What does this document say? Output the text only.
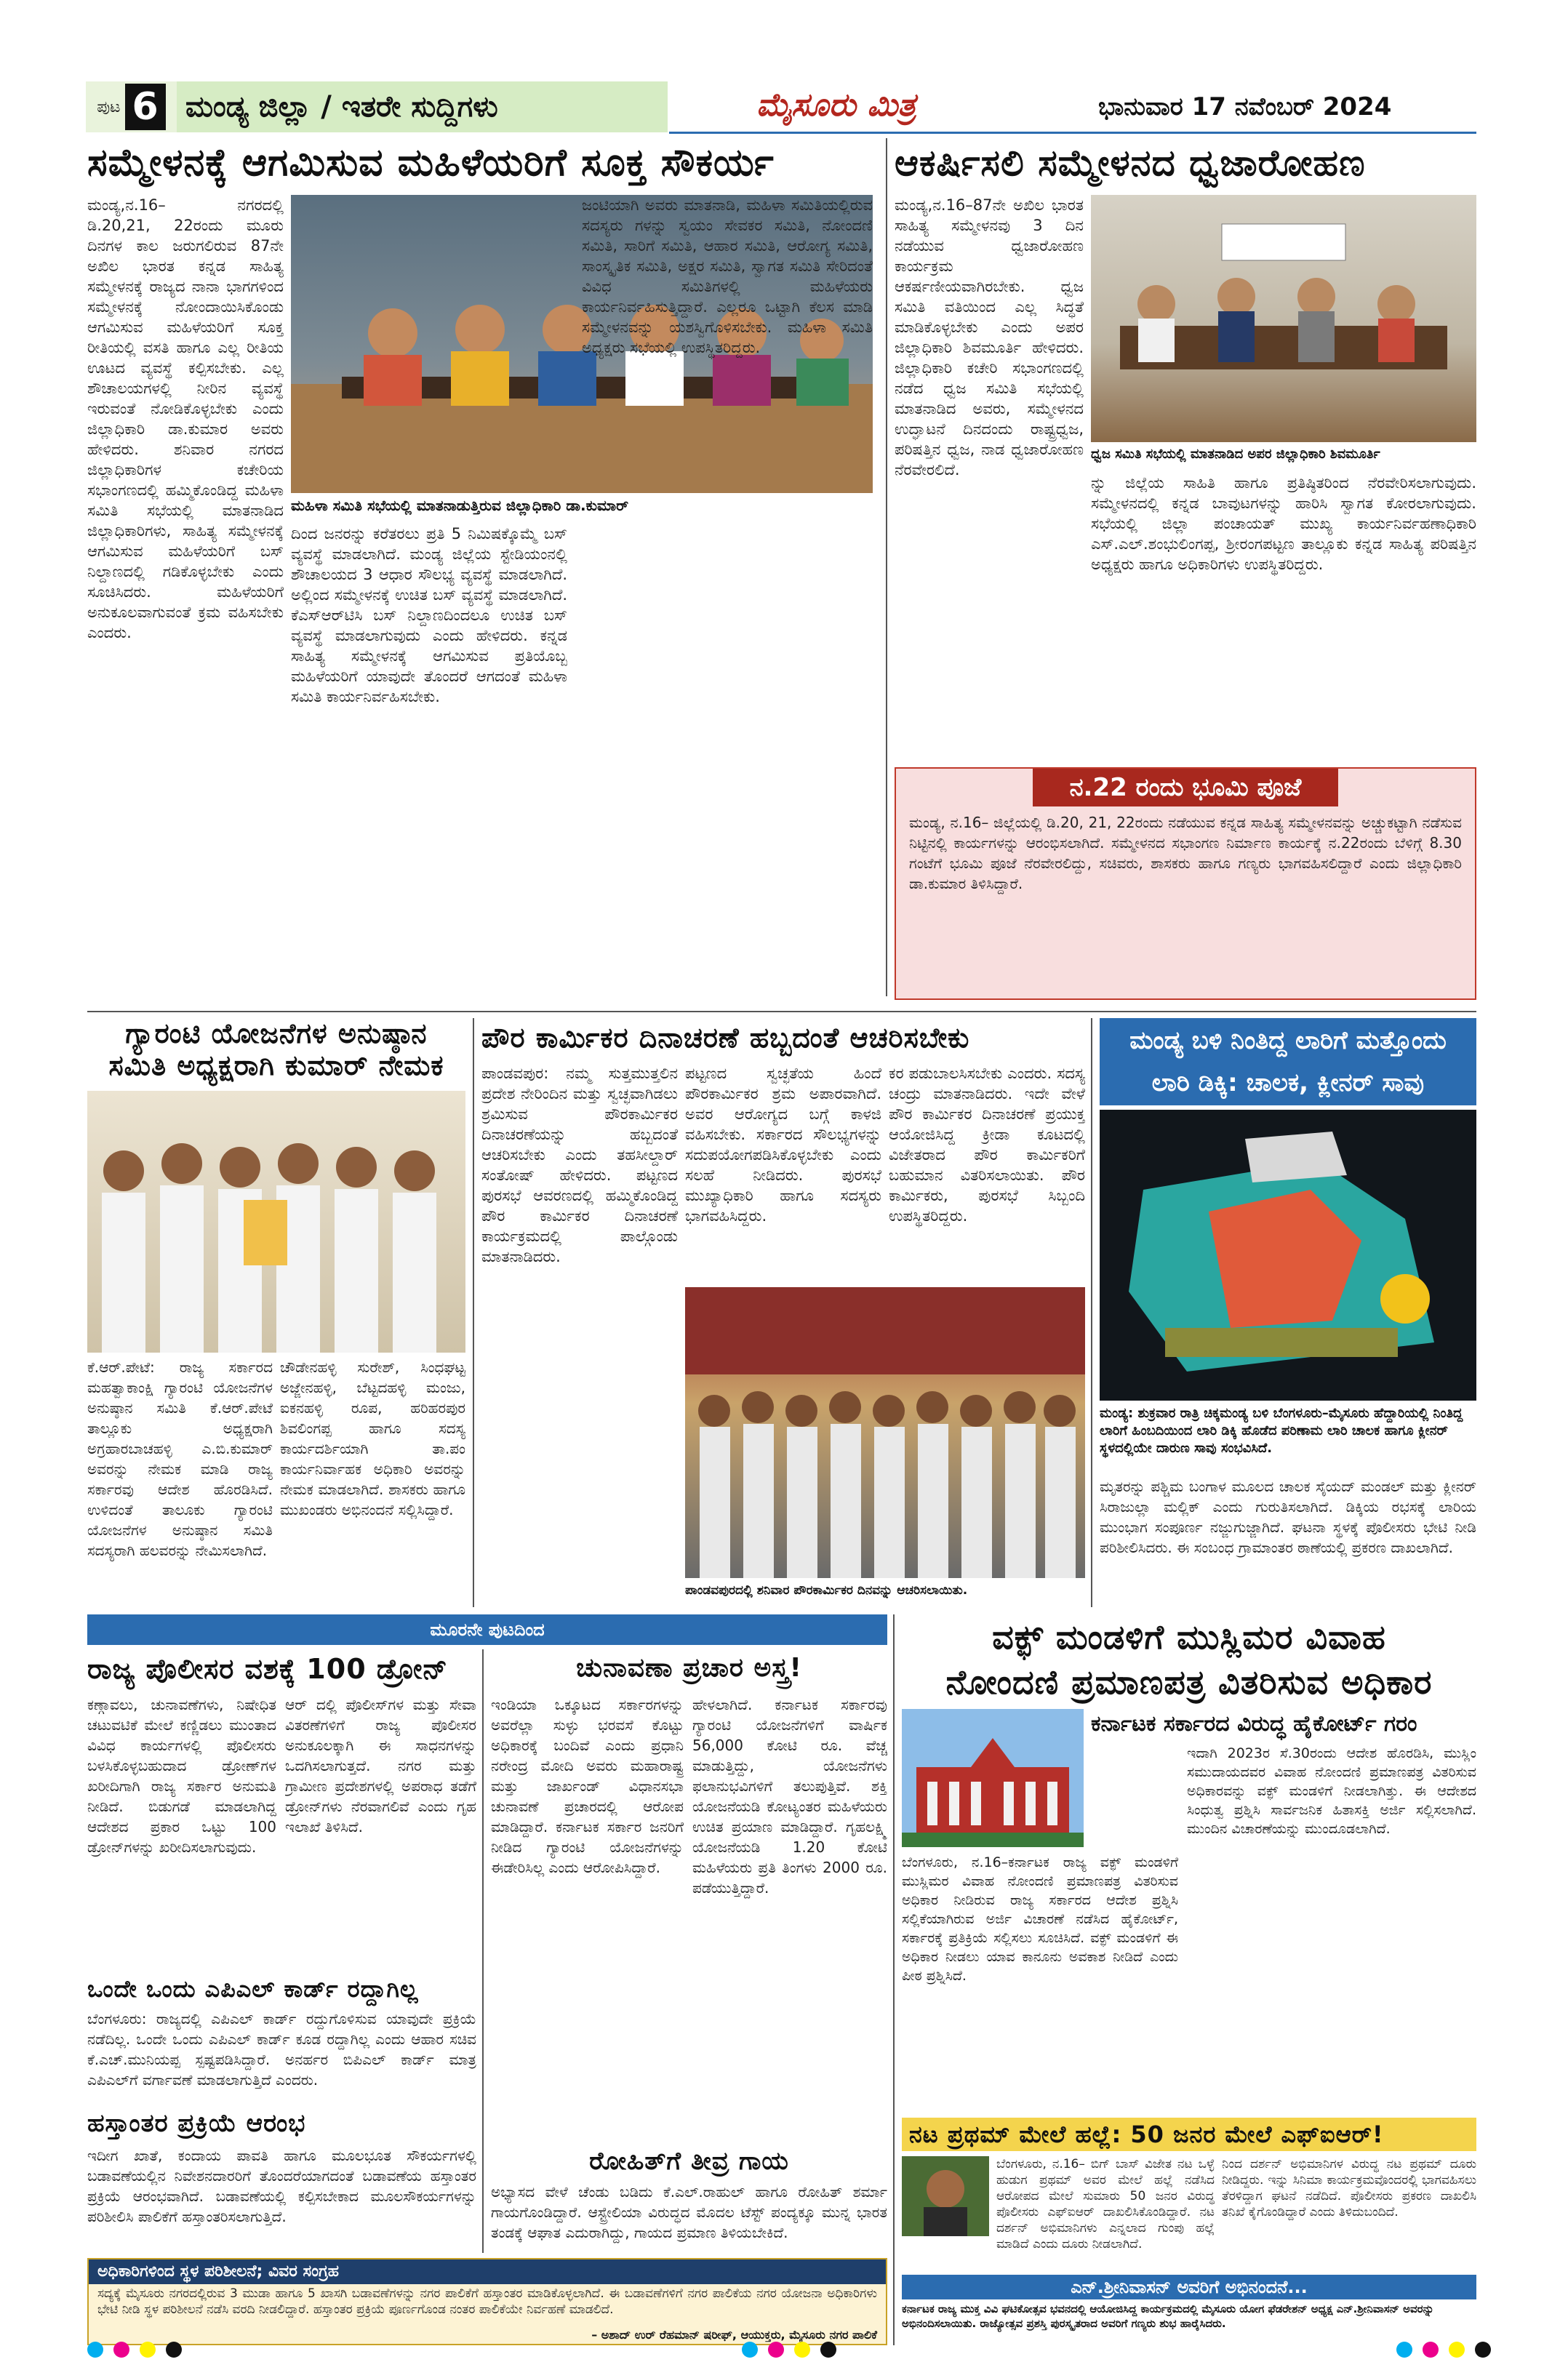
ಪುಟ 6 ಮಂಡ್ಯ ಜಿಲ್ಲಾ / ಇತರೇ ಸುದ್ದಿಗಳು	ಮೈಸೂರು ಮಿತ್ರ	ಭಾನುವಾರ 17 ನವೆಂಬರ್ 2024
ಸಮ್ಮೇಳನಕ್ಕೆ ಆಗಮಿಸುವ ಮಹಿಳೆಯರಿಗೆ ಸೂಕ್ತ ಸೌಕರ್ಯ
ಮಂಡ್ಯ,ನ.16– ನಗರದಲ್ಲಿ ಡಿ.20,21, 22ರಂದು ಮೂರು ದಿನಗಳ ಕಾಲ ಜರುಗಲಿರುವ 87ನೇ ಅಖಿಲ ಭಾರತ ಕನ್ನಡ ಸಾಹಿತ್ಯ ಸಮ್ಮೇಳನಕ್ಕೆ ರಾಜ್ಯದ ನಾನಾ ಭಾಗಗಳಿಂದ ಸಮ್ಮೇಳನಕ್ಕೆ ನೋಂದಾಯಿಸಿಕೊಂಡು ಆಗಮಿಸುವ ಮಹಿಳೆಯರಿಗೆ ಸೂಕ್ತ ರೀತಿಯಲ್ಲಿ ವಸತಿ ಹಾಗೂ ಎಲ್ಲ ರೀತಿಯ ಊಟದ ವ್ಯವಸ್ಥೆ ಕಲ್ಪಿಸಬೇಕು. ಎಲ್ಲ ಶೌಚಾಲಯಗಳಲ್ಲಿ ನೀರಿನ ವ್ಯವಸ್ಥೆ ಇರುವಂತೆ ನೋಡಿಕೊಳ್ಳಬೇಕು ಎಂದು ಜಿಲ್ಲಾಧಿಕಾರಿ ಡಾ.ಕುಮಾರ ಅವರು ಹೇಳಿದರು. ಶನಿವಾರ ನಗರದ ಜಿಲ್ಲಾಧಿಕಾರಿಗಳ ಕಚೇರಿಯ ಸಭಾಂಗಣದಲ್ಲಿ ಹಮ್ಮಿಕೊಂಡಿದ್ದ ಮಹಿಳಾ ಸಮಿತಿ ಸಭೆಯಲ್ಲಿ ಮಾತನಾಡಿದ ಜಿಲ್ಲಾಧಿಕಾರಿಗಳು, ಸಾಹಿತ್ಯ ಸಮ್ಮೇಳನಕ್ಕೆ ಆಗಮಿಸುವ ಮಹಿಳೆಯರಿಗೆ ಬಸ್ ನಿಲ್ದಾಣದಲ್ಲಿ ಗಡಿಕೊಳ್ಳಬೇಕು ಎಂದು ಸೂಚಿಸಿದರು. ಮಹಿಳೆಯರಿಗೆ ಅನುಕೂಲವಾಗುವಂತೆ ಕ್ರಮ ವಹಿಸಬೇಕು ಎಂದರು.
ಮಹಿಳಾ ಸಮಿತಿ ಸಭೆಯಲ್ಲಿ ಮಾತನಾಡುತ್ತಿರುವ ಜಿಲ್ಲಾಧಿಕಾರಿ ಡಾ.ಕುಮಾರ್
ದಿಂದ ಜನರನ್ನು ಕರೆತರಲು ಪ್ರತಿ 5 ನಿಮಿಷಕ್ಕೊಮ್ಮೆ ಬಸ್ ವ್ಯವಸ್ಥೆ ಮಾಡಲಾಗಿದೆ. ಮಂಡ್ಯ ಜಿಲ್ಲೆಯ ಸ್ಟೇಡಿಯಂನಲ್ಲಿ ಶೌಚಾಲಯದ 3 ಆಧಾರ ಸೌಲಭ್ಯ ವ್ಯವಸ್ಥೆ ಮಾಡಲಾಗಿದೆ. ಅಲ್ಲಿಂದ ಸಮ್ಮೇಳನಕ್ಕೆ ಉಚಿತ ಬಸ್ ವ್ಯವಸ್ಥೆ ಮಾಡಲಾಗಿದೆ. ಕೆಎಸ್‌ಆರ್‌ಟಿಸಿ ಬಸ್ ನಿಲ್ದಾಣದಿಂದಲೂ ಉಚಿತ ಬಸ್ ವ್ಯವಸ್ಥೆ ಮಾಡಲಾಗುವುದು ಎಂದು ಹೇಳಿದರು. ಕನ್ನಡ ಸಾಹಿತ್ಯ ಸಮ್ಮೇಳನಕ್ಕೆ ಆಗಮಿಸುವ ಪ್ರತಿಯೊಬ್ಬ ಮಹಿಳೆಯರಿಗೆ ಯಾವುದೇ ತೊಂದರೆ ಆಗದಂತೆ ಮಹಿಳಾ ಸಮಿತಿ ಕಾರ್ಯನಿರ್ವಹಿಸಬೇಕು.
ಜಂಟಿಯಾಗಿ ಅವರು ಮಾತನಾಡಿ, ಮಹಿಳಾ ಸಮಿತಿಯಲ್ಲಿರುವ ಸದಸ್ಯರು ಗಳನ್ನು ಸ್ವಯಂ ಸೇವಕರ ಸಮಿತಿ, ನೋಂದಣಿ ಸಮಿತಿ, ಸಾರಿಗೆ ಸಮಿತಿ, ಆಹಾರ ಸಮಿತಿ, ಆರೋಗ್ಯ ಸಮಿತಿ, ಸಾಂಸ್ಕೃತಿಕ ಸಮಿತಿ, ಅಕ್ಷರ ಸಮಿತಿ, ಸ್ವಾಗತ ಸಮಿತಿ ಸೇರಿದಂತೆ ವಿವಿಧ ಸಮಿತಿಗಳಲ್ಲಿ ಮಹಿಳೆಯರು ಕಾರ್ಯನಿರ್ವಹಿಸುತ್ತಿದ್ದಾರೆ. ಎಲ್ಲರೂ ಒಟ್ಟಾಗಿ ಕೆಲಸ ಮಾಡಿ ಸಮ್ಮೇಳನವನ್ನು ಯಶಸ್ವಿಗೊಳಿಸಬೇಕು. ಮಹಿಳಾ ಸಮಿತಿ ಅಧ್ಯಕ್ಷರು ಸಭೆಯಲ್ಲಿ ಉಪಸ್ಥಿತರಿದ್ದರು.
ಆಕರ್ಷಿಸಲಿ ಸಮ್ಮೇಳನದ ಧ್ವಜಾರೋಹಣ
ಮಂಡ್ಯ,ನ.16–87ನೇ ಅಖಿಲ ಭಾರತ ಸಾಹಿತ್ಯ ಸಮ್ಮೇಳನವು 3 ದಿನ ನಡೆಯುವ ಧ್ವಜಾರೋಹಣ ಕಾರ್ಯಕ್ರಮ ಆಕರ್ಷಣೀಯವಾಗಿರಬೇಕು. ಧ್ವಜ ಸಮಿತಿ ವತಿಯಿಂದ ಎಲ್ಲ ಸಿದ್ಧತೆ ಮಾಡಿಕೊಳ್ಳಬೇಕು ಎಂದು ಅಪರ ಜಿಲ್ಲಾಧಿಕಾರಿ ಶಿವಮೂರ್ತಿ ಹೇಳಿದರು. ಜಿಲ್ಲಾಧಿಕಾರಿ ಕಚೇರಿ ಸಭಾಂಗಣದಲ್ಲಿ ನಡೆದ ಧ್ವಜ ಸಮಿತಿ ಸಭೆಯಲ್ಲಿ ಮಾತನಾಡಿದ ಅವರು, ಸಮ್ಮೇಳನದ ಉದ್ಘಾಟನೆ ದಿನದಂದು ರಾಷ್ಟ್ರಧ್ವಜ, ಪರಿಷತ್ತಿನ ಧ್ವಜ, ನಾಡ ಧ್ವಜಾರೋಹಣ ನೆರವೇರಲಿದೆ.
ಧ್ವಜ ಸಮಿತಿ ಸಭೆಯಲ್ಲಿ ಮಾತನಾಡಿದ ಅಪರ ಜಿಲ್ಲಾಧಿಕಾರಿ ಶಿವಮೂರ್ತಿ
ನ್ನು ಜಿಲ್ಲೆಯ ಸಾಹಿತಿ ಹಾಗೂ ಪ್ರತಿಷ್ಠಿತರಿಂದ ನೆರವೇರಿಸಲಾಗುವುದು. ಸಮ್ಮೇಳನದಲ್ಲಿ ಕನ್ನಡ ಬಾವುಟಗಳನ್ನು ಹಾರಿಸಿ ಸ್ವಾಗತ ಕೋರಲಾಗುವುದು. ಸಭೆಯಲ್ಲಿ ಜಿಲ್ಲಾ ಪಂಚಾಯತ್ ಮುಖ್ಯ ಕಾರ್ಯನಿರ್ವಹಣಾಧಿಕಾರಿ ಎಸ್.ಎಲ್.ಶಂಭುಲಿಂಗಪ್ಪ, ಶ್ರೀರಂಗಪಟ್ಟಣ ತಾಲ್ಲೂಕು ಕನ್ನಡ ಸಾಹಿತ್ಯ ಪರಿಷತ್ತಿನ ಅಧ್ಯಕ್ಷರು ಹಾಗೂ ಅಧಿಕಾರಿಗಳು ಉಪಸ್ಥಿತರಿದ್ದರು.
ನ.22 ರಂದು ಭೂಮಿ ಪೂಜೆ
ಮಂಡ್ಯ, ನ.16– ಜಿಲ್ಲೆಯಲ್ಲಿ ಡಿ.20, 21, 22ರಂದು ನಡೆಯುವ ಕನ್ನಡ ಸಾಹಿತ್ಯ ಸಮ್ಮೇಳನವನ್ನು ಅಚ್ಚುಕಟ್ಟಾಗಿ ನಡೆಸುವ ನಿಟ್ಟಿನಲ್ಲಿ ಕಾರ್ಯಗಳನ್ನು ಆರಂಭಿಸಲಾಗಿದೆ. ಸಮ್ಮೇಳನದ ಸಭಾಂಗಣ ನಿರ್ಮಾಣ ಕಾರ್ಯಕ್ಕೆ ನ.22ರಂದು ಬೆಳಿಗ್ಗೆ 8.30 ಗಂಟೆಗೆ ಭೂಮಿ ಪೂಜೆ ನೆರವೇರಲಿದ್ದು, ಸಚಿವರು, ಶಾಸಕರು ಹಾಗೂ ಗಣ್ಯರು ಭಾಗವಹಿಸಲಿದ್ದಾರೆ ಎಂದು ಜಿಲ್ಲಾಧಿಕಾರಿ ಡಾ.ಕುಮಾರ ತಿಳಿಸಿದ್ದಾರೆ.
ಗ್ಯಾರಂಟಿ ಯೋಜನೆಗಳ ಅನುಷ್ಠಾನ
ಸಮಿತಿ ಅಧ್ಯಕ್ಷರಾಗಿ ಕುಮಾರ್ ನೇಮಕ
ಕೆ.ಆರ್.ಪೇಟೆ: ರಾಜ್ಯ ಸರ್ಕಾರದ ಮಹತ್ವಾಕಾಂಕ್ಷಿ ಗ್ಯಾರಂಟಿ ಯೋಜನೆಗಳ ಅನುಷ್ಠಾನ ಸಮಿತಿ ಕೆ.ಆರ್.ಪೇಟೆ ತಾಲ್ಲೂಕು ಅಧ್ಯಕ್ಷರಾಗಿ ಅಗ್ರಹಾರಬಾಚಹಳ್ಳಿ ಎ.ಬಿ.ಕುಮಾರ್ ಅವರನ್ನು ನೇಮಕ ಮಾಡಿ ರಾಜ್ಯ ಸರ್ಕಾರವು ಆದೇಶ ಹೊರಡಿಸಿದೆ. ಉಳಿದಂತೆ ತಾಲೂಕು ಗ್ಯಾರಂಟಿ ಯೋಜನೆಗಳ ಅನುಷ್ಠಾನ ಸಮಿತಿ ಸದಸ್ಯರಾಗಿ ಹಲವರನ್ನು ನೇಮಿಸಲಾಗಿದೆ.
ಚೌಡೇನಹಳ್ಳಿ ಸುರೇಶ್, ಸಿಂಧಘಟ್ಟ ಅಜ್ಜೇನಹಳ್ಳಿ, ಬೆಟ್ಟದಹಳ್ಳಿ ಮಂಜು, ಐಕನಹಳ್ಳಿ ರೂಪ, ಹರಿಹರಪುರ ಶಿವಲಿಂಗಪ್ಪ ಹಾಗೂ ಸದಸ್ಯ ಕಾರ್ಯದರ್ಶಿಯಾಗಿ ತಾ.ಪಂ ಕಾರ್ಯನಿರ್ವಾಹಕ ಅಧಿಕಾರಿ ಅವರನ್ನು ನೇಮಕ ಮಾಡಲಾಗಿದೆ. ಶಾಸಕರು ಹಾಗೂ ಮುಖಂಡರು ಅಭಿನಂದನೆ ಸಲ್ಲಿಸಿದ್ದಾರೆ.
ಪೌರ ಕಾರ್ಮಿಕರ ದಿನಾಚರಣೆ ಹಬ್ಬದಂತೆ ಆಚರಿಸಬೇಕು
ಪಾಂಡವಪುರ: ನಮ್ಮ ಸುತ್ತಮುತ್ತಲಿನ ಪ್ರದೇಶ ನೇರಿಂದಿನ ಮತ್ತು ಸ್ವಚ್ಛವಾಗಿಡಲು ಶ್ರಮಿಸುವ ಪೌರಕಾರ್ಮಿಕರ ದಿನಾಚರಣೆಯನ್ನು ಹಬ್ಬದಂತೆ ಆಚರಿಸಬೇಕು ಎಂದು ತಹಸೀಲ್ದಾರ್ ಸಂತೋಷ್ ಹೇಳಿದರು. ಪಟ್ಟಣದ ಪುರಸಭೆ ಆವರಣದಲ್ಲಿ ಹಮ್ಮಿಕೊಂಡಿದ್ದ ಪೌರ ಕಾರ್ಮಿಕರ ದಿನಾಚರಣೆ ಕಾರ್ಯಕ್ರಮದಲ್ಲಿ ಪಾಲ್ಗೊಂಡು ಮಾತನಾಡಿದರು.
ಪಟ್ಟಣದ ಸ್ವಚ್ಛತೆಯ ಹಿಂದೆ ಪೌರಕಾರ್ಮಿಕರ ಶ್ರಮ ಅಪಾರವಾಗಿದೆ. ಅವರ ಆರೋಗ್ಯದ ಬಗ್ಗೆ ಕಾಳಜಿ ವಹಿಸಬೇಕು. ಸರ್ಕಾರದ ಸೌಲಭ್ಯಗಳನ್ನು ಸದುಪಯೋಗಪಡಿಸಿಕೊಳ್ಳಬೇಕು ಎಂದು ಸಲಹೆ ನೀಡಿದರು. ಪುರಸಭೆ ಮುಖ್ಯಾಧಿಕಾರಿ ಹಾಗೂ ಸದಸ್ಯರು ಭಾಗವಹಿಸಿದ್ದರು.
ಕರ ಪಡುಬಾಲಸಿಸಬೇಕು ಎಂದರು. ಸದಸ್ಯ ಚಂದ್ರು ಮಾತನಾಡಿದರು. ಇದೇ ವೇಳೆ ಪೌರ ಕಾರ್ಮಿಕರ ದಿನಾಚರಣೆ ಪ್ರಯುಕ್ತ ಆಯೋಜಿಸಿದ್ದ ಕ್ರೀಡಾ ಕೂಟದಲ್ಲಿ ವಿಜೇತರಾದ ಪೌರ ಕಾರ್ಮಿಕರಿಗೆ ಬಹುಮಾನ ವಿತರಿಸಲಾಯಿತು. ಪೌರ ಕಾರ್ಮಿಕರು, ಪುರಸಭೆ ಸಿಬ್ಬಂದಿ ಉಪಸ್ಥಿತರಿದ್ದರು.
ಪಾಂಡವಪುರದಲ್ಲಿ ಶನಿವಾರ ಪೌರಕಾರ್ಮಿಕರ ದಿನವನ್ನು ಆಚರಿಸಲಾಯಿತು.
ಮಂಡ್ಯ ಬಳಿ ನಿಂತಿದ್ದ ಲಾರಿಗೆ ಮತ್ತೊಂದು ಲಾರಿ ಡಿಕ್ಕಿ: ಚಾಲಕ, ಕ್ಲೀನರ್ ಸಾವು
ಮಂಡ್ಯ: ಶುಕ್ರವಾರ ರಾತ್ರಿ ಚಿಕ್ಕಮಂಡ್ಯ ಬಳಿ ಬೆಂಗಳೂರು–ಮೈಸೂರು ಹೆದ್ದಾರಿಯಲ್ಲಿ ನಿಂತಿದ್ದ ಲಾರಿಗೆ ಹಿಂಬದಿಯಿಂದ ಲಾರಿ ಡಿಕ್ಕಿ ಹೊಡೆದ ಪರಿಣಾಮ ಲಾರಿ ಚಾಲಕ ಹಾಗೂ ಕ್ಲೀನರ್ ಸ್ಥಳದಲ್ಲಿಯೇ ದಾರುಣ ಸಾವು ಸಂಭವಿಸಿದೆ.
ಮೃತರನ್ನು ಪಶ್ಚಿಮ ಬಂಗಾಳ ಮೂಲದ ಚಾಲಕ ಸೈಯದ್ ಮಂಡಲ್ ಮತ್ತು ಕ್ಲೀನರ್ ಸಿರಾಜುಲ್ಲಾ ಮಲ್ಲಿಕ್ ಎಂದು ಗುರುತಿಸಲಾಗಿದೆ. ಡಿಕ್ಕಿಯ ರಭಸಕ್ಕೆ ಲಾರಿಯ ಮುಂಭಾಗ ಸಂಪೂರ್ಣ ನಜ್ಜುಗುಜ್ಜಾಗಿದೆ. ಘಟನಾ ಸ್ಥಳಕ್ಕೆ ಪೊಲೀಸರು ಭೇಟಿ ನೀಡಿ ಪರಿಶೀಲಿಸಿದರು. ಈ ಸಂಬಂಧ ಗ್ರಾಮಾಂತರ ಠಾಣೆಯಲ್ಲಿ ಪ್ರಕರಣ ದಾಖಲಾಗಿದೆ.
ಮೂರನೇ ಪುಟದಿಂದ
ರಾಜ್ಯ ಪೊಲೀಸರ ವಶಕ್ಕೆ 100 ಡ್ರೋನ್
ಕಣ್ಗಾವಲು, ಚುನಾವಣೆಗಳು, ನಿಷೇಧಿತ ಚಟುವಟಿಕೆ ಮೇಲೆ ಕಣ್ಣಿಡಲು ಮುಂತಾದ ವಿವಿಧ ಕಾರ್ಯಗಳಲ್ಲಿ ಪೊಲೀಸರು ಬಳಸಿಕೊಳ್ಳಬಹುದಾದ ಡ್ರೋಣ್‌ಗಳ ಖರೀದಿಗಾಗಿ ರಾಜ್ಯ ಸರ್ಕಾರ ಅನುಮತಿ ನೀಡಿದೆ. ಬಿಡುಗಡೆ ಮಾಡಲಾಗಿದ್ದ ಆದೇಶದ ಪ್ರಕಾರ ಒಟ್ಟು 100 ಡ್ರೋನ್‌ಗಳನ್ನು ಖರೀದಿಸಲಾಗುವುದು.
ಆರ್ ದಲ್ಲಿ ಪೊಲೀಸ್‌ಗಳ ಮತ್ತು ಸೇವಾ ವಿತರಣೆಗಳಿಗೆ ರಾಜ್ಯ ಪೊಲೀಸರ ಅನುಕೂಲಕ್ಕಾಗಿ ಈ ಸಾಧನಗಳನ್ನು ಒದಗಿಸಲಾಗುತ್ತದೆ. ನಗರ ಮತ್ತು ಗ್ರಾಮೀಣ ಪ್ರದೇಶಗಳಲ್ಲಿ ಅಪರಾಧ ತಡೆಗೆ ಡ್ರೋನ್‌ಗಳು ನೆರವಾಗಲಿವೆ ಎಂದು ಗೃಹ ಇಲಾಖೆ ತಿಳಿಸಿದೆ.
ಒಂದೇ ಒಂದು ಎಪಿಎಲ್ ಕಾರ್ಡ್ ರದ್ದಾಗಿಲ್ಲ
ಬೆಂಗಳೂರು: ರಾಜ್ಯದಲ್ಲಿ ಎಪಿಎಲ್ ಕಾರ್ಡ್ ರದ್ದುಗೊಳಿಸುವ ಯಾವುದೇ ಪ್ರಕ್ರಿಯೆ ನಡೆದಿಲ್ಲ. ಒಂದೇ ಒಂದು ಎಪಿಎಲ್ ಕಾರ್ಡ್ ಕೂಡ ರದ್ದಾಗಿಲ್ಲ ಎಂದು ಆಹಾರ ಸಚಿವ ಕೆ.ಎಚ್.ಮುನಿಯಪ್ಪ ಸ್ಪಷ್ಟಪಡಿಸಿದ್ದಾರೆ. ಅನರ್ಹರ ಬಿಪಿಎಲ್ ಕಾರ್ಡ್ ಮಾತ್ರ ಎಪಿಎಲ್‌ಗೆ ವರ್ಗಾವಣೆ ಮಾಡಲಾಗುತ್ತಿದೆ ಎಂದರು.
ಹಸ್ತಾಂತರ ಪ್ರಕ್ರಿಯೆ ಆರಂಭ
ಇದೀಗ ಖಾತೆ, ಕಂದಾಯ ಪಾವತಿ ಹಾಗೂ ಮೂಲಭೂತ ಸೌಕರ್ಯಗಳಲ್ಲಿ ಬಡಾವಣೆಯಲ್ಲಿನ ನಿವೇಶನದಾರರಿಗೆ ತೊಂದರೆಯಾಗದಂತೆ ಬಡಾವಣೆಯ ಹಸ್ತಾಂತರ ಪ್ರಕ್ರಿಯೆ ಆರಂಭವಾಗಿದೆ. ಬಡಾವಣೆಯಲ್ಲಿ ಕಲ್ಪಿಸಬೇಕಾದ ಮೂಲಸೌಕರ್ಯಗಳನ್ನು ಪರಿಶೀಲಿಸಿ ಪಾಲಿಕೆಗೆ ಹಸ್ತಾಂತರಿಸಲಾಗುತ್ತಿದೆ.
ಅಧಿಕಾರಿಗಳಿಂದ ಸ್ಥಳ ಪರಿಶೀಲನೆ; ವಿವರ ಸಂಗ್ರಹ
ಸದ್ಯಕ್ಕೆ ಮೈಸೂರು ನಗರದಲ್ಲಿರುವ 3 ಮುಡಾ ಹಾಗೂ 5 ಖಾಸಗಿ ಬಡಾವಣೆಗಳನ್ನು ನಗರ ಪಾಲಿಕೆಗೆ ಹಸ್ತಾಂತರ ಮಾಡಿಕೊಳ್ಳಲಾಗಿದೆ. ಈ ಬಡಾವಣೆಗಳಿಗೆ ನಗರ ಪಾಲಿಕೆಯ ನಗರ ಯೋಜನಾ ಅಧಿಕಾರಿಗಳು ಭೇಟಿ ನೀಡಿ ಸ್ಥಳ ಪರಿಶೀಲನೆ ನಡೆಸಿ ವರದಿ ನೀಡಲಿದ್ದಾರೆ. ಹಸ್ತಾಂತರ ಪ್ರಕ್ರಿಯೆ ಪೂರ್ಣಗೊಂಡ ನಂತರ ಪಾಲಿಕೆಯೇ ನಿರ್ವಹಣೆ ಮಾಡಲಿದೆ.
– ಅಶಾದ್ ಉರ್ ರೆಹಮಾನ್ ಷರೀಫ್, ಆಯುಕ್ತರು, ಮೈಸೂರು ನಗರ ಪಾಲಿಕೆ
ಚುನಾವಣಾ ಪ್ರಚಾರ ಅಸ್ತ್ರ!
ಇಂಡಿಯಾ ಒಕ್ಕೂಟದ ಸರ್ಕಾರಗಳನ್ನು ಅವರೆಲ್ಲಾ ಸುಳ್ಳು ಭರವಸೆ ಕೊಟ್ಟು ಅಧಿಕಾರಕ್ಕೆ ಬಂದಿವೆ ಎಂದು ಪ್ರಧಾನಿ ನರೇಂದ್ರ ಮೋದಿ ಅವರು ಮಹಾರಾಷ್ಟ್ರ ಮತ್ತು ಜಾರ್ಖಂಡ್ ವಿಧಾನಸಭಾ ಚುನಾವಣೆ ಪ್ರಚಾರದಲ್ಲಿ ಆರೋಪ ಮಾಡಿದ್ದಾರೆ. ಕರ್ನಾಟಕ ಸರ್ಕಾರ ಜನರಿಗೆ ನೀಡಿದ ಗ್ಯಾರಂಟಿ ಯೋಜನೆಗಳನ್ನು ಈಡೇರಿಸಿಲ್ಲ ಎಂದು ಆರೋಪಿಸಿದ್ದಾರೆ.
ಹೇಳಲಾಗಿದೆ. ಕರ್ನಾಟಕ ಸರ್ಕಾರವು ಗ್ಯಾರಂಟಿ ಯೋಜನೆಗಳಿಗೆ ವಾರ್ಷಿಕ 56,000 ಕೋಟಿ ರೂ. ವೆಚ್ಚ ಮಾಡುತ್ತಿದ್ದು, ಯೋಜನೆಗಳು ಫಲಾನುಭವಿಗಳಿಗೆ ತಲುಪುತ್ತಿವೆ. ಶಕ್ತಿ ಯೋಜನೆಯಡಿ ಕೋಟ್ಯಂತರ ಮಹಿಳೆಯರು ಉಚಿತ ಪ್ರಯಾಣ ಮಾಡಿದ್ದಾರೆ. ಗೃಹಲಕ್ಷ್ಮಿ ಯೋಜನೆಯಡಿ 1.20 ಕೋಟಿ ಮಹಿಳೆಯರು ಪ್ರತಿ ತಿಂಗಳು 2000 ರೂ. ಪಡೆಯುತ್ತಿದ್ದಾರೆ.
ರೋಹಿತ್‌ಗೆ ತೀವ್ರ ಗಾಯ
ಅಭ್ಯಾಸದ ವೇಳೆ ಚೆಂಡು ಬಡಿದು ಕೆ.ಎಲ್.ರಾಹುಲ್ ಹಾಗೂ ರೋಹಿತ್ ಶರ್ಮಾ ಗಾಯಗೊಂಡಿದ್ದಾರೆ. ಆಸ್ಟ್ರೇಲಿಯಾ ವಿರುದ್ಧದ ಮೊದಲ ಟೆಸ್ಟ್ ಪಂದ್ಯಕ್ಕೂ ಮುನ್ನ ಭಾರತ ತಂಡಕ್ಕೆ ಆಘಾತ ಎದುರಾಗಿದ್ದು, ಗಾಯದ ಪ್ರಮಾಣ ತಿಳಿಯಬೇಕಿದೆ.
ವಕ್ಫ್ ಮಂಡಳಿಗೆ ಮುಸ್ಲಿಮರ ವಿವಾಹ
ನೋಂದಣಿ ಪ್ರಮಾಣಪತ್ರ ವಿತರಿಸುವ ಅಧಿಕಾರ
ಕರ್ನಾಟಕ ಸರ್ಕಾರದ ವಿರುದ್ಧ ಹೈಕೋರ್ಟ್ ಗರಂ
ಬೆಂಗಳೂರು, ನ.16–ಕರ್ನಾಟಕ ರಾಜ್ಯ ವಕ್ಫ್ ಮಂಡಳಿಗೆ ಮುಸ್ಲಿಮರ ವಿವಾಹ ನೋಂದಣಿ ಪ್ರಮಾಣಪತ್ರ ವಿತರಿಸುವ ಅಧಿಕಾರ ನೀಡಿರುವ ರಾಜ್ಯ ಸರ್ಕಾರದ ಆದೇಶ ಪ್ರಶ್ನಿಸಿ ಸಲ್ಲಿಕೆಯಾಗಿರುವ ಅರ್ಜಿ ವಿಚಾರಣೆ ನಡೆಸಿದ ಹೈಕೋರ್ಟ್, ಸರ್ಕಾರಕ್ಕೆ ಪ್ರತಿಕ್ರಿಯೆ ಸಲ್ಲಿಸಲು ಸೂಚಿಸಿದೆ. ವಕ್ಫ್ ಮಂಡಳಿಗೆ ಈ ಅಧಿಕಾರ ನೀಡಲು ಯಾವ ಕಾನೂನು ಅವಕಾಶ ನೀಡಿದೆ ಎಂದು ಪೀಠ ಪ್ರಶ್ನಿಸಿದೆ.
ಇದಾಗಿ 2023ರ ಸೆ.30ರಂದು ಆದೇಶ ಹೊರಡಿಸಿ, ಮುಸ್ಲಿಂ ಸಮುದಾಯದವರ ವಿವಾಹ ನೋಂದಣಿ ಪ್ರಮಾಣಪತ್ರ ವಿತರಿಸುವ ಅಧಿಕಾರವನ್ನು ವಕ್ಫ್ ಮಂಡಳಿಗೆ ನೀಡಲಾಗಿತ್ತು. ಈ ಆದೇಶದ ಸಿಂಧುತ್ವ ಪ್ರಶ್ನಿಸಿ ಸಾರ್ವಜನಿಕ ಹಿತಾಸಕ್ತಿ ಅರ್ಜಿ ಸಲ್ಲಿಸಲಾಗಿದೆ. ಮುಂದಿನ ವಿಚಾರಣೆಯನ್ನು ಮುಂದೂಡಲಾಗಿದೆ.
ನಟ ಪ್ರಥಮ್ ಮೇಲೆ ಹಲ್ಲೆ: 50 ಜನರ ಮೇಲೆ ಎಫ್‌ಐಆರ್!
ಬೆಂಗಳೂರು, ನ.16– ಬಿಗ್ ಬಾಸ್ ವಿಜೇತ ನಟ ಒಳ್ಳೆ ಹುಡುಗ ಪ್ರಥಮ್ ಅವರ ಮೇಲೆ ಹಲ್ಲೆ ನಡೆಸಿದ ಆರೋಪದ ಮೇಲೆ ಸುಮಾರು 50 ಜನರ ವಿರುದ್ಧ ಪೊಲೀಸರು ಎಫ್‌ಐಆರ್ ದಾಖಲಿಸಿಕೊಂಡಿದ್ದಾರೆ. ನಟ ದರ್ಶನ್ ಅಭಿಮಾನಿಗಳು ಎನ್ನಲಾದ ಗುಂಪು ಹಲ್ಲೆ ಮಾಡಿದೆ ಎಂದು ದೂರು ನೀಡಲಾಗಿದೆ.
ನಿಂದ ದರ್ಶನ್ ಅಭಿಮಾನಿಗಳ ವಿರುದ್ಧ ನಟ ಪ್ರಥಮ್ ದೂರು ನೀಡಿದ್ದರು. ಇನ್ನು ಸಿನಿಮಾ ಕಾರ್ಯಕ್ರಮವೊಂದರಲ್ಲಿ ಭಾಗವಹಿಸಲು ತೆರಳಿದ್ದಾಗ ಘಟನೆ ನಡೆದಿದೆ. ಪೊಲೀಸರು ಪ್ರಕರಣ ದಾಖಲಿಸಿ ತನಿಖೆ ಕೈಗೊಂಡಿದ್ದಾರೆ ಎಂದು ತಿಳಿದುಬಂದಿದೆ.
ಎನ್.ಶ್ರೀನಿವಾಸನ್ ಅವರಿಗೆ ಅಭಿನಂದನೆ...
ಕರ್ನಾಟಕ ರಾಜ್ಯ ಮುಕ್ತ ವಿವಿ ಘಟಿಕೋತ್ಸವ ಭವನದಲ್ಲಿ ಆಯೋಜಿಸಿದ್ದ ಕಾರ್ಯಕ್ರಮದಲ್ಲಿ ಮೈಸೂರು ಯೋಗ ಫೆಡರೇಶನ್ ಅಧ್ಯಕ್ಷ ಎನ್.ಶ್ರೀನಿವಾಸನ್ ಅವರನ್ನು ಅಭಿನಂದಿಸಲಾಯಿತು. ರಾಜ್ಯೋತ್ಸವ ಪ್ರಶಸ್ತಿ ಪುರಸ್ಕೃತರಾದ ಅವರಿಗೆ ಗಣ್ಯರು ಶುಭ ಹಾರೈಸಿದರು.
